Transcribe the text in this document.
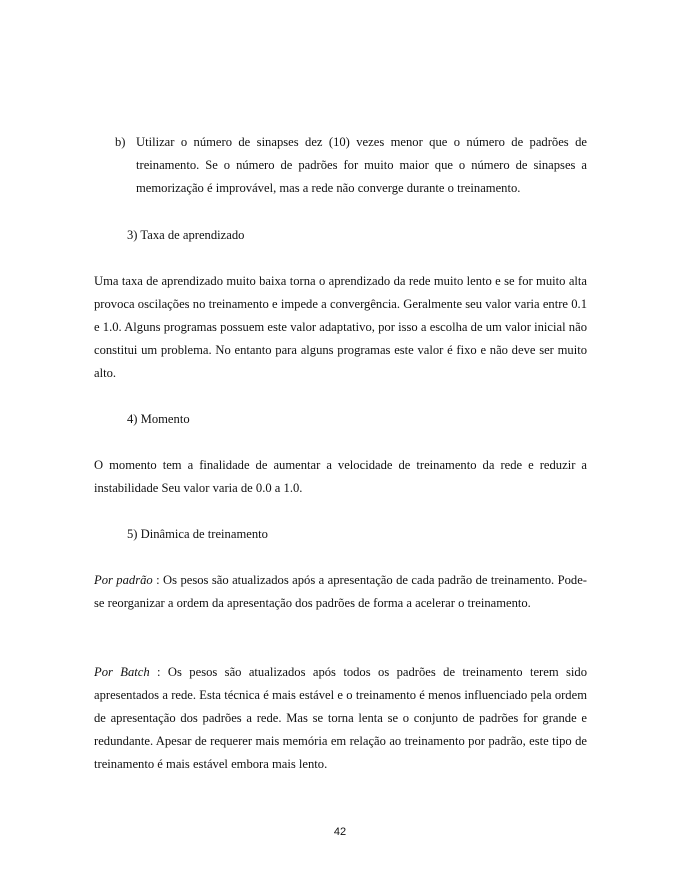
b) Utilizar o número de sinapses dez (10) vezes menor que o número de padrões de treinamento. Se o número de padrões for muito maior que o número de sinapses a memorização é improvável, mas a rede não converge durante o treinamento.
3) Taxa de aprendizado
Uma taxa de aprendizado muito baixa torna o aprendizado da rede muito lento e se for muito alta provoca oscilações no treinamento e impede a convergência. Geralmente seu valor varia entre 0.1 e 1.0. Alguns programas possuem este valor adaptativo, por isso a escolha de um valor inicial não constitui um problema. No entanto para alguns programas este valor é fixo e não deve ser muito alto.
4) Momento
O momento tem a finalidade de aumentar a velocidade de treinamento da rede e reduzir a instabilidade Seu valor varia de 0.0 a 1.0.
5) Dinâmica de treinamento
Por padrão : Os pesos são atualizados após a apresentação de cada padrão de treinamento. Pode-se reorganizar a ordem da apresentação dos padrões de forma a acelerar o treinamento.
Por Batch : Os pesos são atualizados após todos os padrões de treinamento terem sido apresentados a rede. Esta técnica é mais estável e o treinamento é menos influenciado pela ordem de apresentação dos padrões a rede. Mas se torna lenta se o conjunto de padrões for grande e redundante. Apesar de requerer mais memória em relação ao treinamento por padrão, este tipo de treinamento é mais estável embora mais lento.
42
